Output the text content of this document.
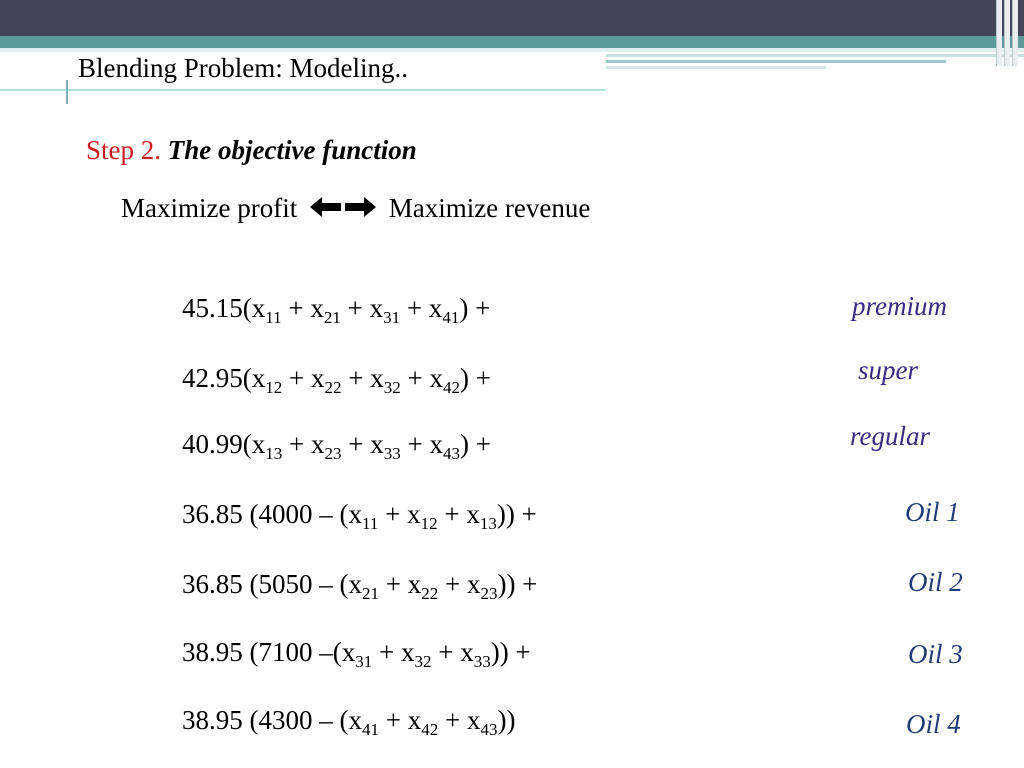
Blending Problem: Modeling..
Step 2. The objective function
Maximize profit	Maximize revenue
$45.15(x_{11} + x_{21} + x_{31} + x_{41})$ +
$42.95(x_{12} + x_{22} + x_{32} + x_{42})$ +
$40.99(x_{13} + x_{23} + x_{33} + x_{43})$ +
36.85 $(4000 - (x_{11} + x_{12} + x_{13}))$ +
36.85 $(5050 - (x_{21} + x_{22} + x_{23}))$ +
38.95 (7100 $-(x_{31} + x_{32} + x_{33})$) +
38.95 $(4300 - (x_{41} + x_{42} + x_{43}))$
premium
super
regular
Oil 1
Oil 2
Oil 3
Oil 4
